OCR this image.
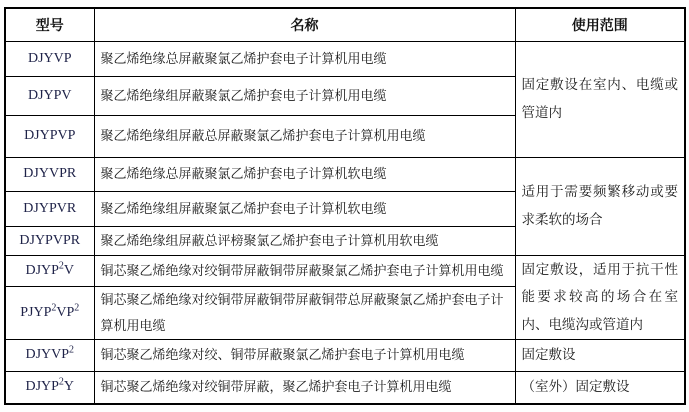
型号	名称	使用范围
DJYVP	聚乙烯绝缘总屏蔽聚氯乙烯护套电子计算机用电缆	固定敷设在室内、电缆或管道内
DJYPV	聚乙烯绝缘组屏蔽聚氯乙烯护套电子计算机用电缆	
DJYPVP	聚乙烯绝缘组屏蔽总屏蔽聚氯乙烯护套电子计算机用电缆	
DJYVPR	聚乙烯绝缘总屏蔽聚氯乙烯护套电子计算机软电缆	适用于需要频繁移动或要求柔软的场合
DJYPVR	聚乙烯绝缘组屏蔽聚氯乙烯护套电子计算机软电缆	
DJYPVPR	聚乙烯绝缘组屏蔽总评榜聚氯乙烯护套电子计算机用软电缆	
DJYP$^2$V	铜芯聚乙烯绝缘对绞铜带屏蔽铜带屏蔽聚氯乙烯护套电子计算机用电缆	固定敷设，适用于抗干性能要求较高的场合在室内、电缆沟或管道内
$PJYP^2VP^2$	铜芯聚乙烯绝缘对绞铜带屏蔽铜带屏蔽铜带总屏蔽聚氯乙烯护套电子计算机用电缆	
DJYVP$^2$	铜芯聚乙烯绝缘对绞、铜带屏蔽聚氯乙烯护套电子计算机用电缆	固定敷设
DJYP$^2$Y	铜芯聚乙烯绝缘对绞铜带屏蔽，聚乙烯护套电子计算机用电缆	（室外）固定敷设
